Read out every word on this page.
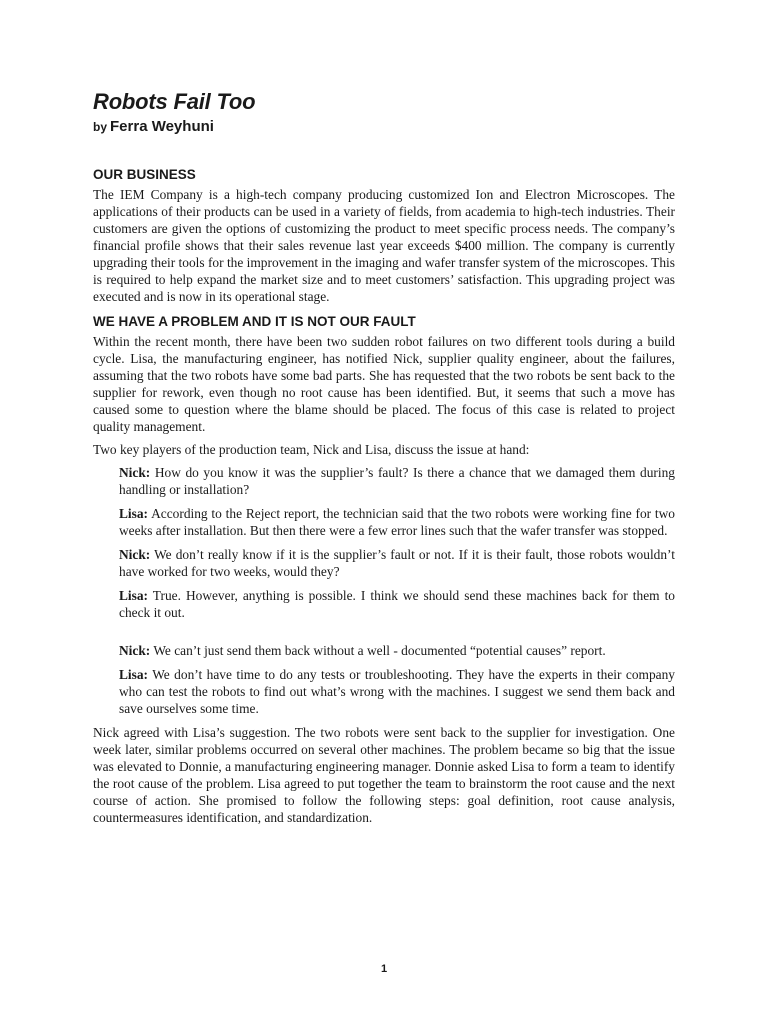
Robots Fail Too
by Ferra Weyhuni
OUR BUSINESS

The IEM Company is a high-tech company producing customized Ion and Electron Microscopes. The applications of their products can be used in a variety of fields, from academia to high-tech industries. Their customers are given the options of customizing the product to meet specific process needs. The company’s financial profile shows that their sales revenue last year exceeds $400 million. The company is currently upgrading their tools for the improvement in the imaging and wafer transfer system of the microscopes. This is required to help expand the market size and to meet customers’ satisfaction. This upgrading project was executed and is now in its operational stage.

WE HAVE A PROBLEM AND IT IS NOT OUR FAULT

Within the recent month, there have been two sudden robot failures on two different tools during a build cycle. Lisa, the manufacturing engineer, has notified Nick, supplier quality engineer, about the failures, assuming that the two robots have some bad parts. She has requested that the two robots be sent back to the supplier for rework, even though no root cause has been identified. But, it seems that such a move has caused some to question where the blame should be placed. The focus of this case is related to project quality management.

Two key players of the production team, Nick and Lisa, discuss the issue at hand:

Nick: How do you know it was the supplier’s fault? Is there a chance that we damaged them during handling or installation?

Lisa: According to the Reject report, the technician said that the two robots were working fine for two weeks after installation. But then there were a few error lines such that the wafer transfer was stopped.

Nick: We don’t really know if it is the supplier’s fault or not. If it is their fault, those robots wouldn’t have worked for two weeks, would they?

Lisa: True. However, anything is possible. I think we should send these machines back for them to check it out.

Nick: We can’t just send them back without a well - documented “potential causes” report.

Lisa: We don’t have time to do any tests or troubleshooting. They have the experts in their company who can test the robots to find out what’s wrong with the machines. I suggest we send them back and save ourselves some time.

Nick agreed with Lisa’s suggestion. The two robots were sent back to the supplier for investigation. One week later, similar problems occurred on several other machines. The problem became so big that the issue was elevated to Donnie, a manufacturing engineering manager. Donnie asked Lisa to form a team to identify the root cause of the problem. Lisa agreed to put together the team to brainstorm the root cause and the next course of action. She promised to follow the following steps: goal definition, root cause analysis, countermeasures identification, and standardization.

1
